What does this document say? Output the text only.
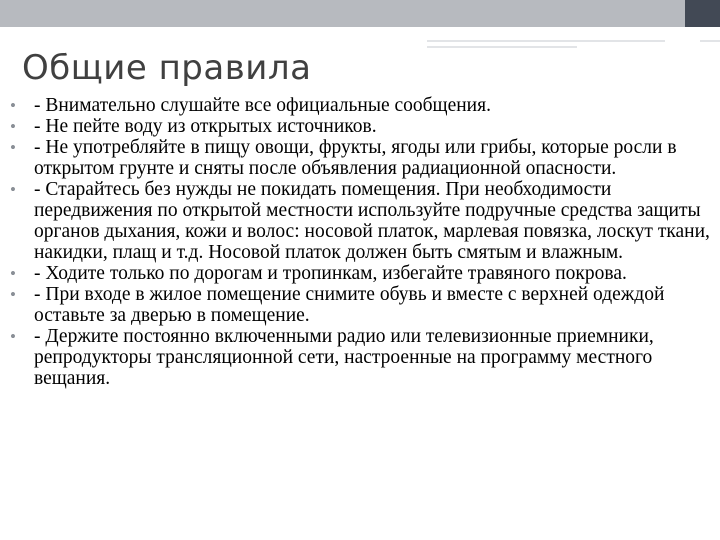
Общие правила
• - Внимательно слушайте все официальные сообщения.
• - Не пейте воду из открытых источников.
• - Не употребляйте в пищу овощи, фрукты, ягоды или грибы, которые росли в открытом грунте и сняты после объявления радиационной опасности.
• - Старайтесь без нужды не покидать помещения. При необходимости передвижения по открытой местности используйте подручные средства защиты органов дыхания, кожи и волос: носовой платок, марлевая повязка, лоскут ткани, накидки, плащ и т.д. Носовой платок должен быть смятым и влажным.
• - Ходите только по дорогам и тропинкам, избегайте травяного покрова.
• - При входе в жилое помещение снимите обувь и вместе с верхней одеждой оставьте за дверью в помещение.
• - Держите постоянно включенными радио или телевизионные приемники, репродукторы трансляционной сети, настроенные на программу местного вещания.
